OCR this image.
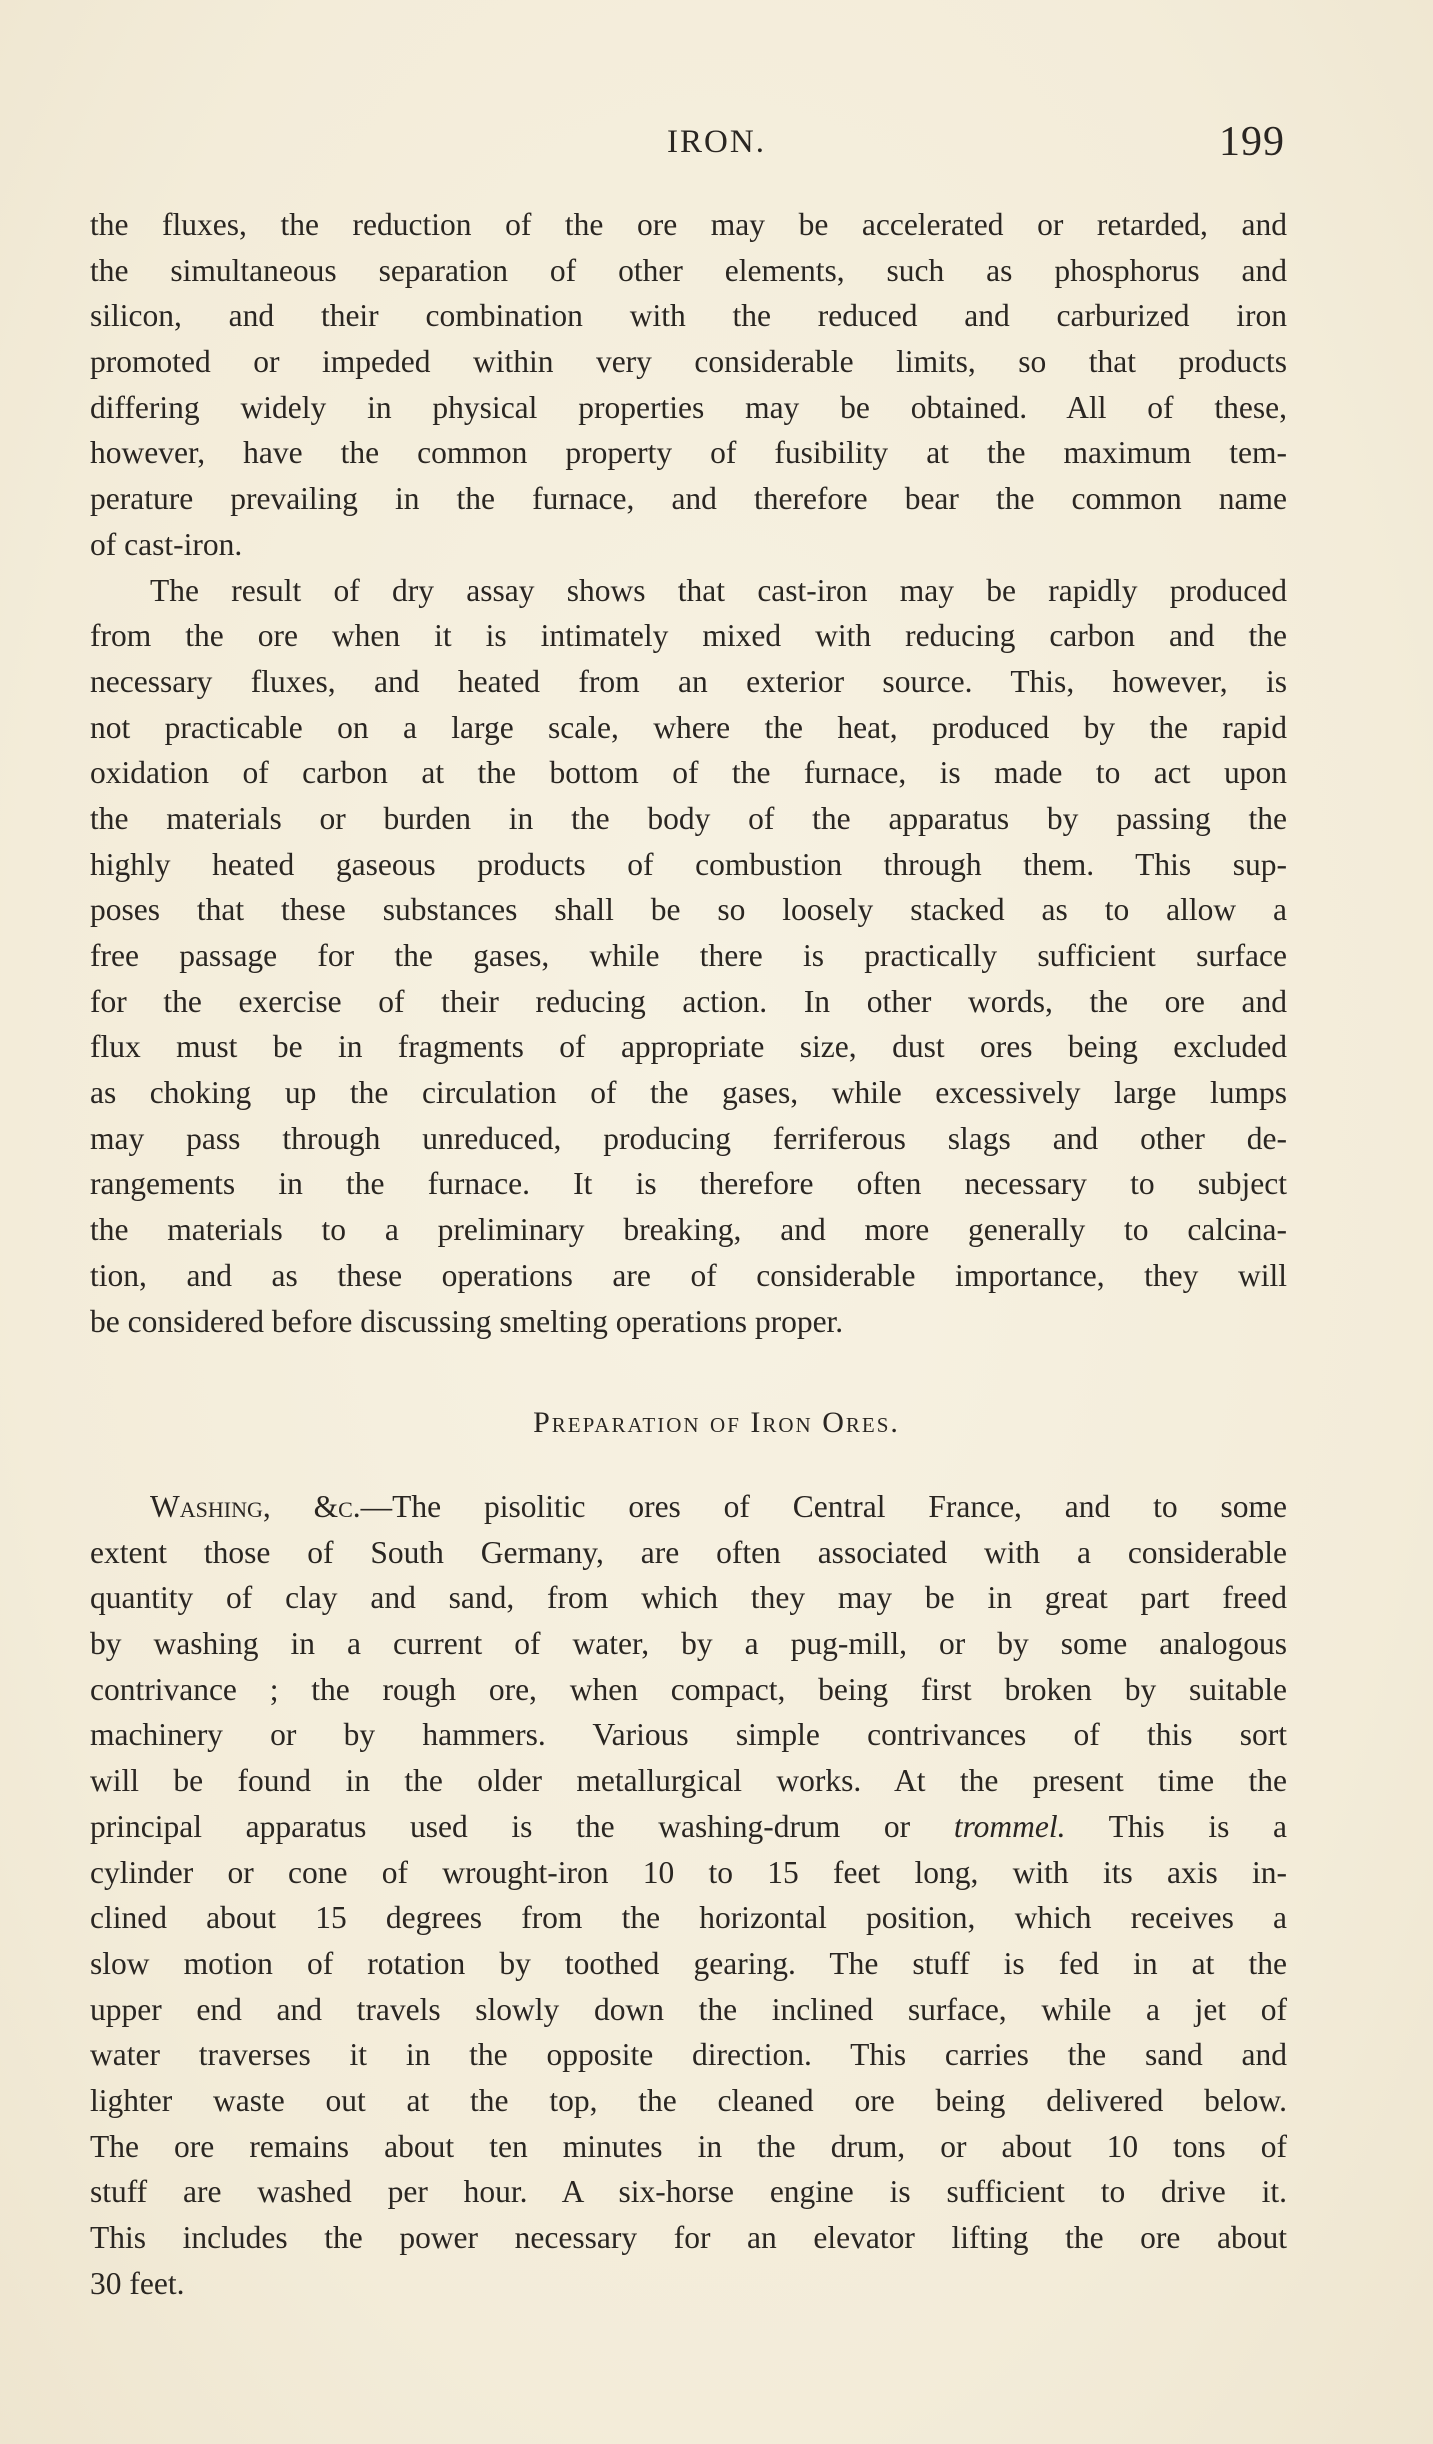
IRON.	199
the fluxes, the reduction of the ore may be accelerated or retarded, and
the simultaneous separation of other elements, such as phosphorus and
silicon, and their combination with the reduced and carburized iron
promoted or impeded within very considerable limits, so that products
differing widely in physical properties may be obtained. All of these,
however, have the common property of fusibility at the maximum tem-
perature prevailing in the furnace, and therefore bear the common name
of cast-iron.
The result of dry assay shows that cast-iron may be rapidly produced
from the ore when it is intimately mixed with reducing carbon and the
necessary fluxes, and heated from an exterior source. This, however, is
not practicable on a large scale, where the heat, produced by the rapid
oxidation of carbon at the bottom of the furnace, is made to act upon
the materials or burden in the body of the apparatus by passing the
highly heated gaseous products of combustion through them. This sup-
poses that these substances shall be so loosely stacked as to allow a
free passage for the gases, while there is practically sufficient surface
for the exercise of their reducing action. In other words, the ore and
flux must be in fragments of appropriate size, dust ores being excluded
as choking up the circulation of the gases, while excessively large lumps
may pass through unreduced, producing ferriferous slags and other de-
rangements in the furnace. It is therefore often necessary to subject
the materials to a preliminary breaking, and more generally to calcina-
tion, and as these operations are of considerable importance, they will
be considered before discussing smelting operations proper.
Preparation of Iron Ores.
Washing, &c.—The pisolitic ores of Central France, and to some
extent those of South Germany, are often associated with a considerable
quantity of clay and sand, from which they may be in great part freed
by washing in a current of water, by a pug-mill, or by some analogous
contrivance ; the rough ore, when compact, being first broken by suitable
machinery or by hammers. Various simple contrivances of this sort
will be found in the older metallurgical works. At the present time the
principal apparatus used is the washing-drum or trommel. This is a
cylinder or cone of wrought-iron 10 to 15 feet long, with its axis in-
clined about 15 degrees from the horizontal position, which receives a
slow motion of rotation by toothed gearing. The stuff is fed in at the
upper end and travels slowly down the inclined surface, while a jet of
water traverses it in the opposite direction. This carries the sand and
lighter waste out at the top, the cleaned ore being delivered below.
The ore remains about ten minutes in the drum, or about 10 tons of
stuff are washed per hour. A six-horse engine is sufficient to drive it.
This includes the power necessary for an elevator lifting the ore about
30 feet.
